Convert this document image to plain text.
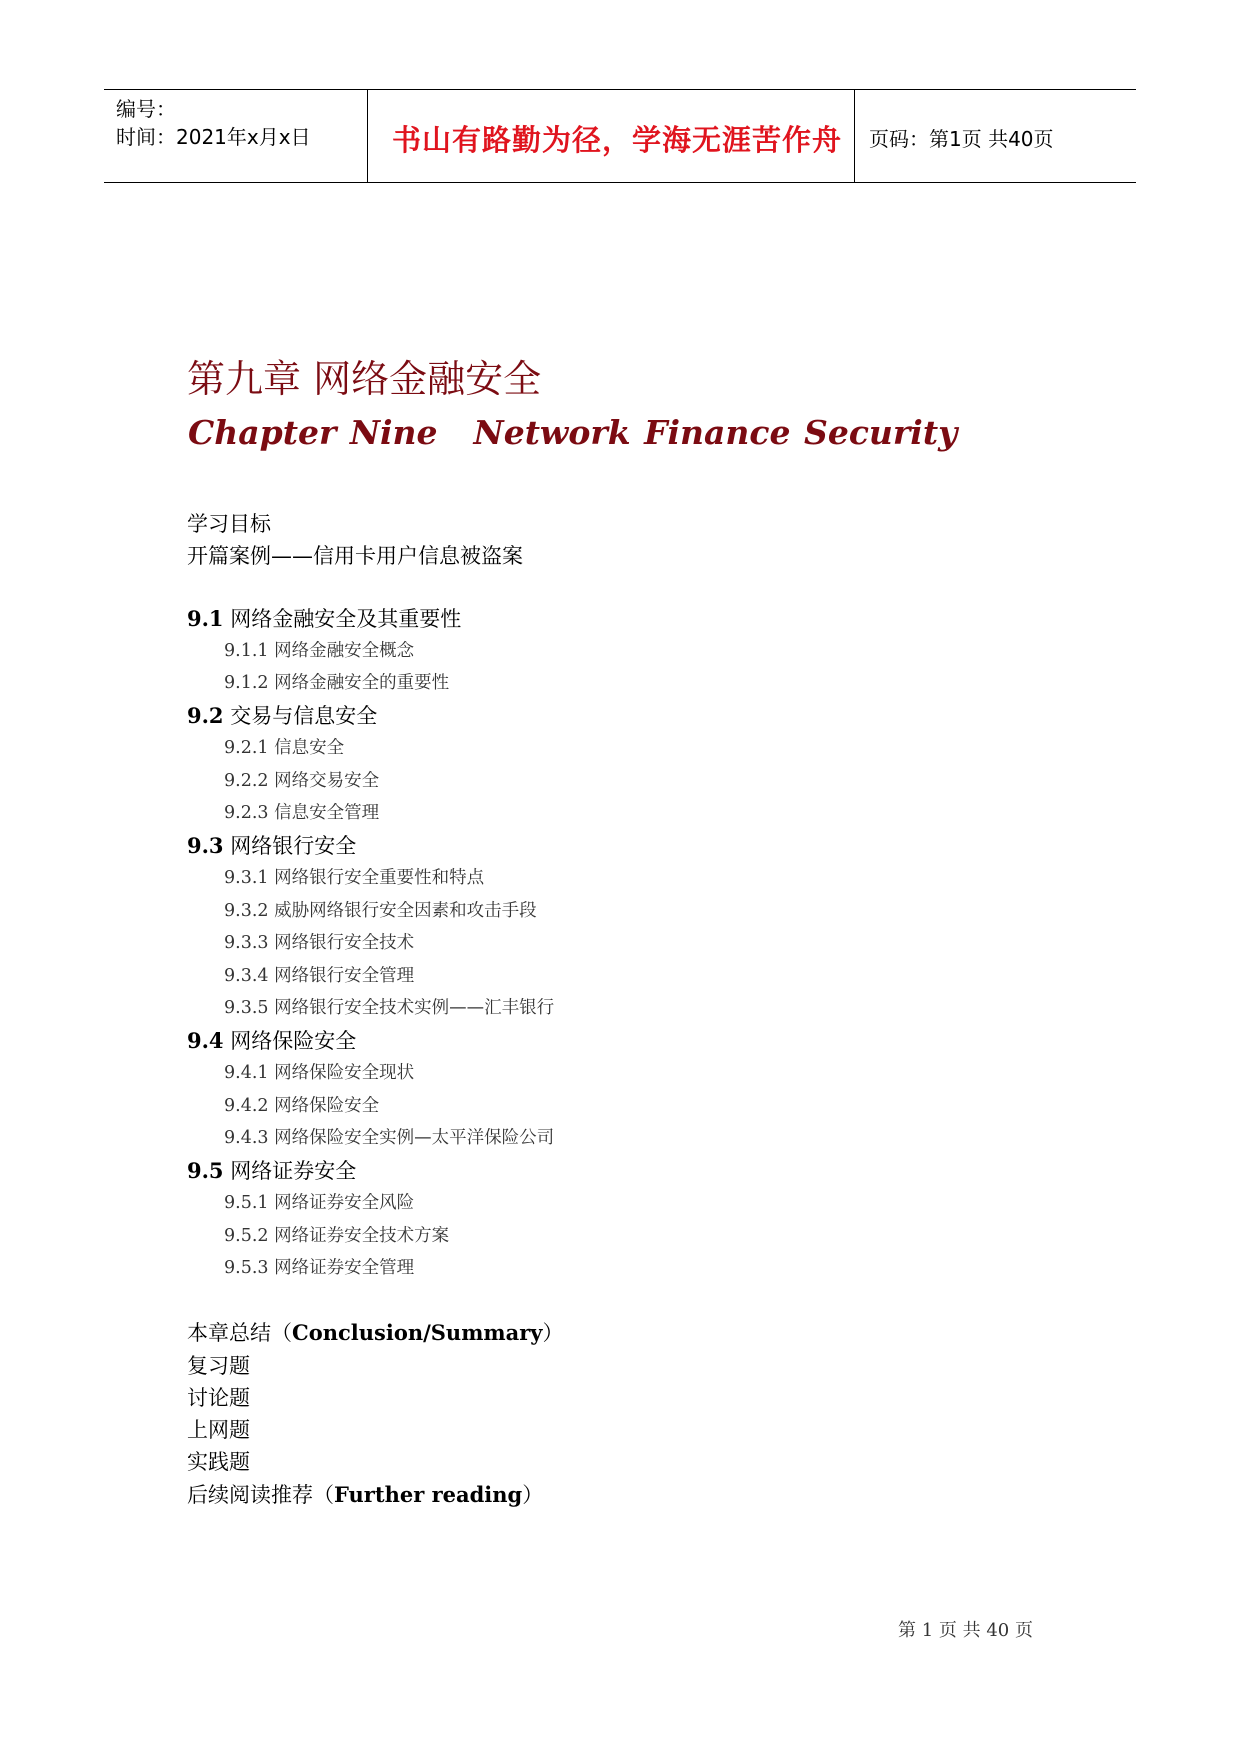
编号：
时间：2021年x月x日	书山有路勤为径，学海无涯苦作舟 页码：第1页 共40页
第九章 网络金融安全
Chapter Nine Network Finance Security
学习目标
开篇案例——信用卡用户信息被盗案
9.1 网络金融安全及其重要性
9.1.1 网络金融安全概念
9.1.2 网络金融安全的重要性
9.2 交易与信息安全
9.2.1 信息安全
9.2.2 网络交易安全
9.2.3 信息安全管理
9.3 网络银行安全
9.3.1 网络银行安全重要性和特点
9.3.2 威胁网络银行安全因素和攻击手段
9.3.3 网络银行安全技术
9.3.4 网络银行安全管理
9.3.5 网络银行安全技术实例——汇丰银行
9.4 网络保险安全
9.4.1 网络保险安全现状
9.4.2 网络保险安全
9.4.3 网络保险安全实例—太平洋保险公司
9.5 网络证券安全
9.5.1 网络证券安全风险
9.5.2 网络证券安全技术方案
9.5.3 网络证券安全管理
本章总结（Conclusion/Summary）
复习题
讨论题
上网题
实践题
后续阅读推荐（Further reading）
第 1 页 共 40 页
